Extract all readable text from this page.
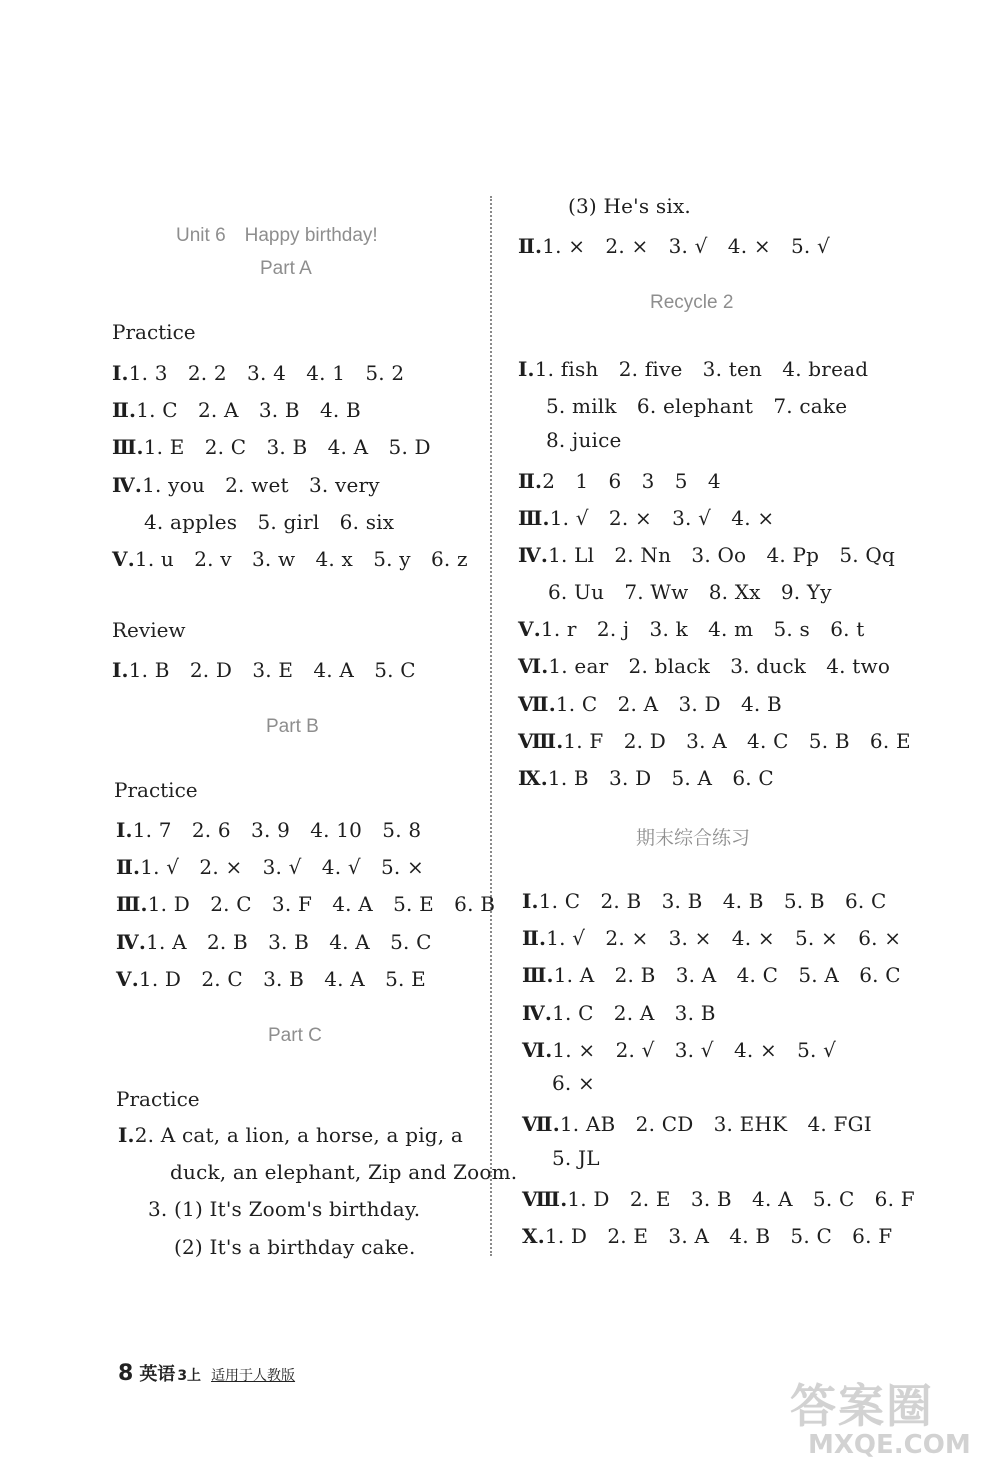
Unit 6　Happy birthday!
Part A
Practice
Ⅰ.1. 3　2. 2　3. 4　4. 1　5. 2
Ⅱ.1. C　2. A　3. B　4. B
Ⅲ.1. E　2. C　3. B　4. A　5. D
Ⅳ.1. you　2. wet　3. very
4. apples　5. girl　6. six
Ⅴ.1. u　2. v　3. w　4. x　5. y　6. z
Review
Ⅰ.1. B　2. D　3. E　4. A　5. C
Part B
Practice
Ⅰ.1. 7　2. 6　3. 9　4. 10　5. 8
Ⅱ.1. √　2. ×　3. √　4. √　5. ×
Ⅲ.1. D　2. C　3. F　4. A　5. E　6. B
Ⅳ.1. A　2. B　3. B　4. A　5. C
Ⅴ.1. D　2. C　3. B　4. A　5. E
Part C
Practice
Ⅰ.2. A cat, a lion, a horse, a pig, a
duck, an elephant, Zip and Zoom.
3. (1) It's Zoom's birthday.
(2) It's a birthday cake.
(3) He's six.
Ⅱ.1. ×　2. ×　3. √　4. ×　5. √
Recycle 2
Ⅰ.1. fish　2. five　3. ten　4. bread
5. milk　6. elephant　7. cake
8. juice
Ⅱ.2　1　6　3　5　4
Ⅲ.1. √　2. ×　3. √　4. ×
Ⅳ.1. Ll　2. Nn　3. Oo　4. Pp　5. Qq
6. Uu　7. Ww　8. Xx　9. Yy
Ⅴ.1. r　2. j　3. k　4. m　5. s　6. t
Ⅵ.1. ear　2. black　3. duck　4. two
Ⅶ.1. C　2. A　3. D　4. B
Ⅷ.1. F　2. D　3. A　4. C　5. B　6. E
Ⅸ.1. B　3. D　5. A　6. C
期末综合练习
Ⅰ.1. C　2. B　3. B　4. B　5. B　6. C
Ⅱ.1. √　2. ×　3. ×　4. ×　5. ×　6. ×
Ⅲ.1. A　2. B　3. A　4. C　5. A　6. C
Ⅳ.1. C　2. A　3. B
Ⅵ.1. ×　2. √　3. √　4. ×　5. √
6. ×
Ⅶ.1. AB　2. CD　3. EHK　4. FGI
5. JL
Ⅷ.1. D　2. E　3. B　4. A　5. C　6. F
Ⅹ.1. D　2. E　3. A　4. B　5. C　6. F
8 英语 3上 适用于人教版
答案圈
MXQE.COM
